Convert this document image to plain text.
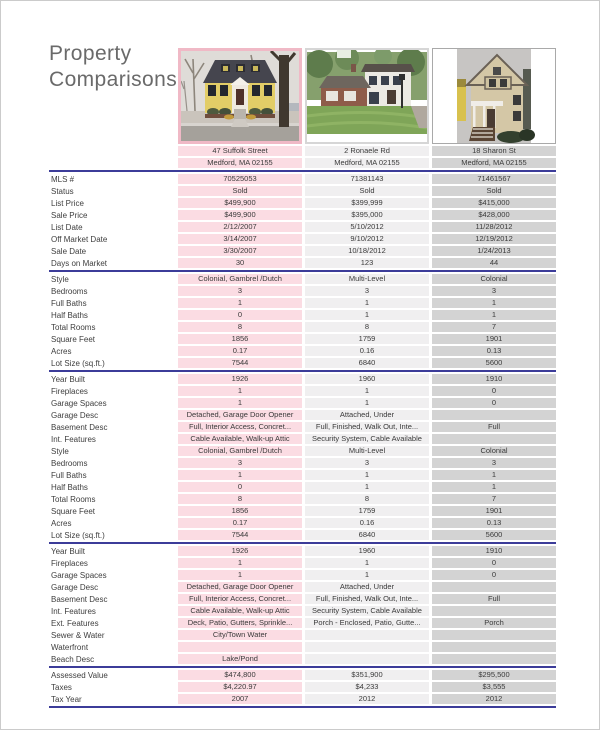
Property
Comparisons
47 Suffolk Street	2 Ronaele Rd	18 Sharon St
Medford, MA 02155	Medford, MA 02155	Medford, MA 02155
MLS #	70525053	71381143	71461567
Status	Sold	Sold	Sold
List Price	$499,900	$399,999	$415,000
Sale Price	$499,900	$395,000	$428,000
List Date	2/12/2007	5/10/2012	11/28/2012
Off Market Date	3/14/2007	9/10/2012	12/19/2012
Sale Date	3/30/2007	10/18/2012	1/24/2013
Days on Market	30	123	44
Style	Colonial, Gambrel /Dutch	Multi-Level	Colonial
Bedrooms	3	3	3
Full Baths	1	1	1
Half Baths	0	1	1
Total Rooms	8	8	7
Square Feet	1856	1759	1901
Acres	0.17	0.16	0.13
Lot Size (sq.ft.)	7544	6840	5600
Year Built	1926	1960	1910
Fireplaces	1	1	0
Garage Spaces	1	1	0
Garage Desc	Detached, Garage Door Opener	Attached, Under
Basement Desc	Full, Interior Access, Concret...	Full, Finished, Walk Out, Inte...	Full
Int. Features	Cable Available, Walk-up Attic	Security System, Cable Available
Style	Colonial, Gambrel /Dutch	Multi-Level	Colonial
Bedrooms	3	3	3
Full Baths	1	1	1
Half Baths	0	1	1
Total Rooms	8	8	7
Square Feet	1856	1759	1901
Acres	0.17	0.16	0.13
Lot Size (sq.ft.)	7544	6840	5600
Year Built	1926	1960	1910
Fireplaces	1	1	0
Garage Spaces	1	1	0
Garage Desc	Detached, Garage Door Opener	Attached, Under
Basement Desc	Full, Interior Access, Concret...	Full, Finished, Walk Out, Inte...	Full
Int. Features	Cable Available, Walk-up Attic	Security System, Cable Available
Ext. Features	Deck, Patio, Gutters, Sprinkle...	Porch - Enclosed, Patio, Gutte...	Porch
Sewer & Water	City/Town Water
Waterfront
Beach Desc	Lake/Pond
Assessed Value	$474,800	$351,900	$295,500
Taxes	$4,220.97	$4,233	$3,555
Tax Year	2007	2012	2012
